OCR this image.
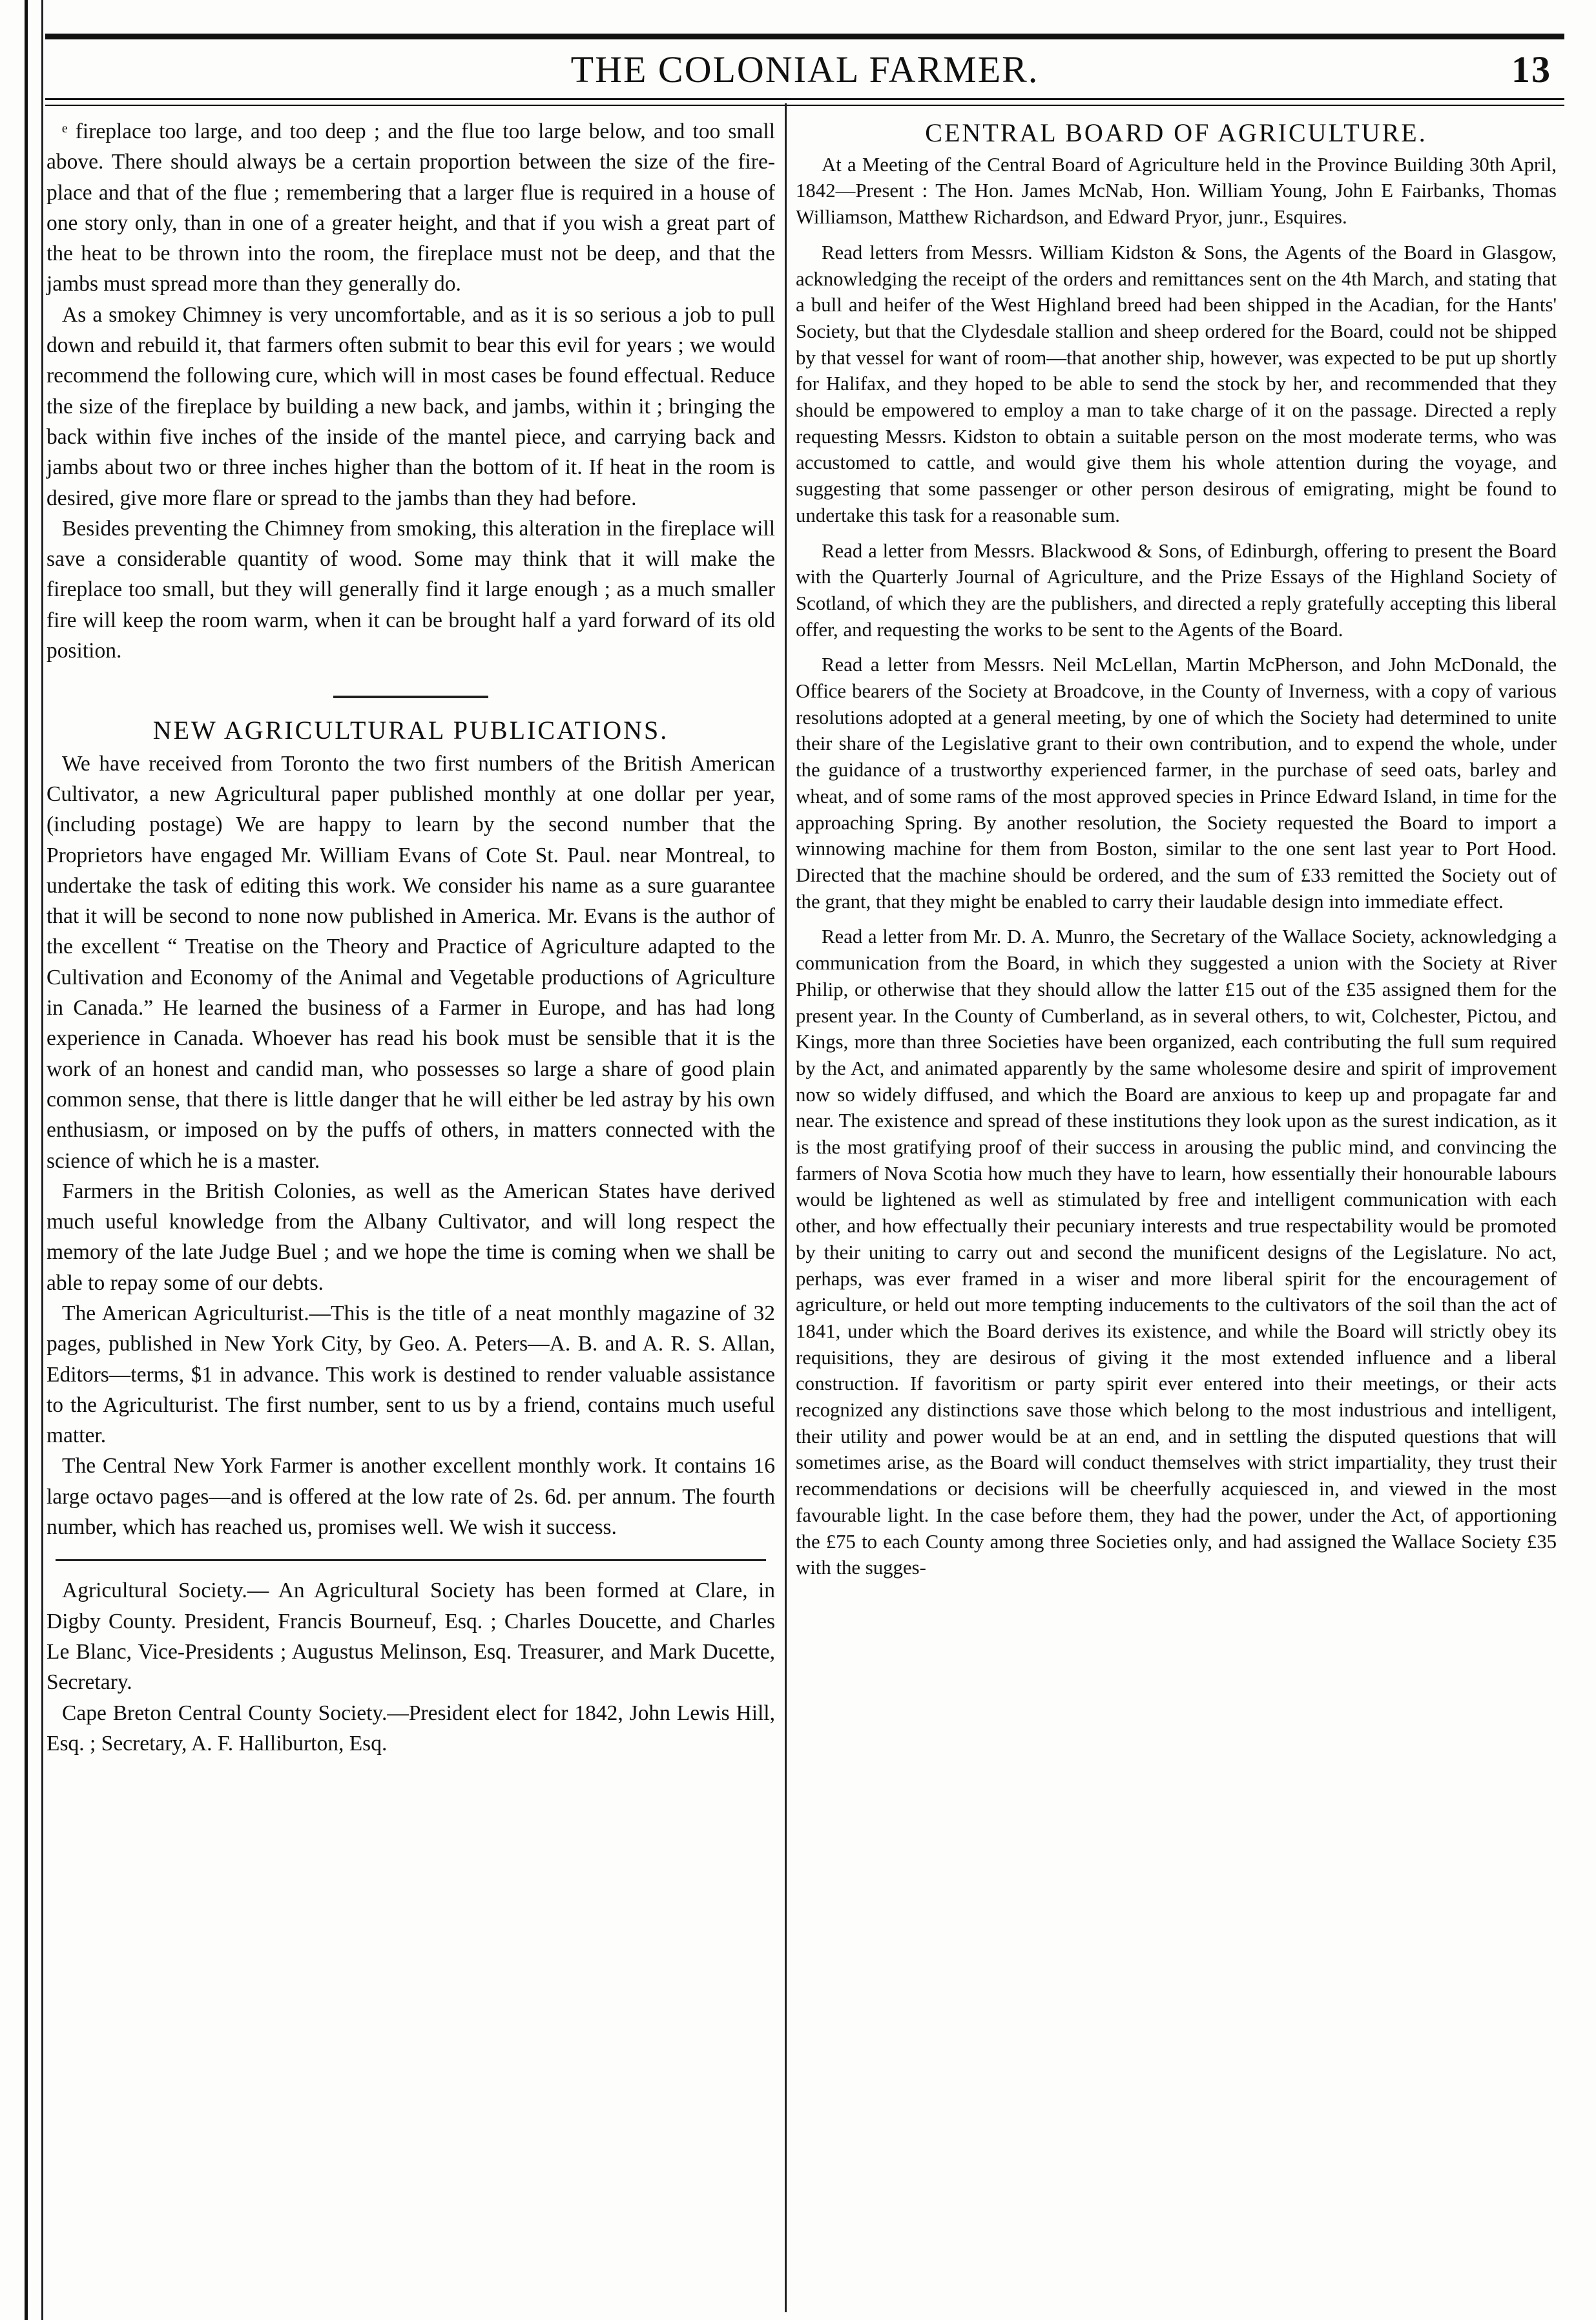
THE COLONIAL FARMER.	13

ᵉ fireplace too large, and too deep ; and the flue too large below, and too small above. There should always be a certain proportion between the size of the fire-place and that of the flue ; remembering that a larger flue is required in a house of one story only, than in one of a greater height, and that if you wish a great part of the heat to be thrown into the room, the fireplace must not be deep, and that the jambs must spread more than they generally do.

As a smokey Chimney is very uncomfortable, and as it is so serious a job to pull down and rebuild it, that farmers often submit to bear this evil for years ; we would recommend the following cure, which will in most cases be found effectual. Reduce the size of the fireplace by building a new back, and jambs, within it ; bringing the back within five inches of the inside of the mantel piece, and carrying back and jambs about two or three inches higher than the bottom of it. If heat in the room is desired, give more flare or spread to the jambs than they had before.

Besides preventing the Chimney from smoking, this alteration in the fireplace will save a considerable quantity of wood. Some may think that it will make the fireplace too small, but they will generally find it large enough ; as a much smaller fire will keep the room warm, when it can be brought half a yard forward of its old position.

NEW AGRICULTURAL PUBLICATIONS.

We have received from Toronto the two first numbers of the British American Cultivator, a new Agricultural paper published monthly at one dollar per year, (including postage) We are happy to learn by the second number that the Proprietors have engaged Mr. William Evans of Cote St. Paul. near Montreal, to undertake the task of editing this work. We consider his name as a sure guarantee that it will be second to none now published in America. Mr. Evans is the author of the excellent “ Treatise on the Theory and Practice of Agriculture adapted to the Cultivation and Economy of the Animal and Vegetable productions of Agriculture in Canada.” He learned the business of a Farmer in Europe, and has had long experience in Canada. Whoever has read his book must be sensible that it is the work of an honest and candid man, who possesses so large a share of good plain common sense, that there is little danger that he will either be led astray by his own enthusiasm, or imposed on by the puffs of others, in matters connected with the science of which he is a master.

Farmers in the British Colonies, as well as the American States have derived much useful knowledge from the Albany Cultivator, and will long respect the memory of the late Judge Buel ; and we hope the time is coming when we shall be able to repay some of our debts.

The American Agriculturist.—This is the title of a neat monthly magazine of 32 pages, published in New York City, by Geo. A. Peters—A. B. and A. R. S. Allan, Editors—terms, $1 in advance. This work is destined to render valuable assistance to the Agriculturist. The first number, sent to us by a friend, contains much useful matter.

The Central New York Farmer is another excellent monthly work. It contains 16 large octavo pages—and is offered at the low rate of 2s. 6d. per annum. The fourth number, which has reached us, promises well. We wish it success.

Agricultural Society.— An Agricultural Society has been formed at Clare, in Digby County. President, Francis Bourneuf, Esq. ; Charles Doucette, and Charles Le Blanc, Vice-Presidents ; Augustus Melinson, Esq. Treasurer, and Mark Ducette, Secretary.

Cape Breton Central County Society.—President elect for 1842, John Lewis Hill, Esq. ; Secretary, A. F. Halliburton, Esq.

CENTRAL BOARD OF AGRICULTURE.

At a Meeting of the Central Board of Agriculture held in the Province Building 30th April, 1842—Present : The Hon. James McNab, Hon. William Young, John E Fairbanks, Thomas Williamson, Matthew Richardson, and Edward Pryor, junr., Esquires.

Read letters from Messrs. William Kidston & Sons, the Agents of the Board in Glasgow, acknowledging the receipt of the orders and remittances sent on the 4th March, and stating that a bull and heifer of the West Highland breed had been shipped in the Acadian, for the Hants' Society, but that the Clydesdale stallion and sheep ordered for the Board, could not be shipped by that vessel for want of room—that another ship, however, was expected to be put up shortly for Halifax, and they hoped to be able to send the stock by her, and recommended that they should be empowered to employ a man to take charge of it on the passage. Directed a reply requesting Messrs. Kidston to obtain a suitable person on the most moderate terms, who was accustomed to cattle, and would give them his whole attention during the voyage, and suggesting that some passenger or other person desirous of emigrating, might be found to undertake this task for a reasonable sum.

Read a letter from Messrs. Blackwood & Sons, of Edinburgh, offering to present the Board with the Quarterly Journal of Agriculture, and the Prize Essays of the Highland Society of Scotland, of which they are the publishers, and directed a reply gratefully accepting this liberal offer, and requesting the works to be sent to the Agents of the Board.

Read a letter from Messrs. Neil McLellan, Martin McPherson, and John McDonald, the Office bearers of the Society at Broadcove, in the County of Inverness, with a copy of various resolutions adopted at a general meeting, by one of which the Society had determined to unite their share of the Legislative grant to their own contribution, and to expend the whole, under the guidance of a trustworthy experienced farmer, in the purchase of seed oats, barley and wheat, and of some rams of the most approved species in Prince Edward Island, in time for the approaching Spring. By another resolution, the Society requested the Board to import a winnowing machine for them from Boston, similar to the one sent last year to Port Hood. Directed that the machine should be ordered, and the sum of £33 remitted the Society out of the grant, that they might be enabled to carry their laudable design into immediate effect.

Read a letter from Mr. D. A. Munro, the Secretary of the Wallace Society, acknowledging a communication from the Board, in which they suggested a union with the Society at River Philip, or otherwise that they should allow the latter £15 out of the £35 assigned them for the present year. In the County of Cumberland, as in several others, to wit, Colchester, Pictou, and Kings, more than three Societies have been organized, each contributing the full sum required by the Act, and animated apparently by the same wholesome desire and spirit of improvement now so widely diffused, and which the Board are anxious to keep up and propagate far and near. The existence and spread of these institutions they look upon as the surest indication, as it is the most gratifying proof of their success in arousing the public mind, and convincing the farmers of Nova Scotia how much they have to learn, how essentially their honourable labours would be lightened as well as stimulated by free and intelligent communication with each other, and how effectually their pecuniary interests and true respectability would be promoted by their uniting to carry out and second the munificent designs of the Legislature. No act, perhaps, was ever framed in a wiser and more liberal spirit for the encouragement of agriculture, or held out more tempting inducements to the cultivators of the soil than the act of 1841, under which the Board derives its existence, and while the Board will strictly obey its requisitions, they are desirous of giving it the most extended influence and a liberal construction. If favoritism or party spirit ever entered into their meetings, or their acts recognized any distinctions save those which belong to the most industrious and intelligent, their utility and power would be at an end, and in settling the disputed questions that will sometimes arise, as the Board will conduct themselves with strict impartiality, they trust their recommendations or decisions will be cheerfully acquiesced in, and viewed in the most favourable light. In the case before them, they had the power, under the Act, of apportioning the £75 to each County among three Societies only, and had assigned the Wallace Society £35 with the sugges-
